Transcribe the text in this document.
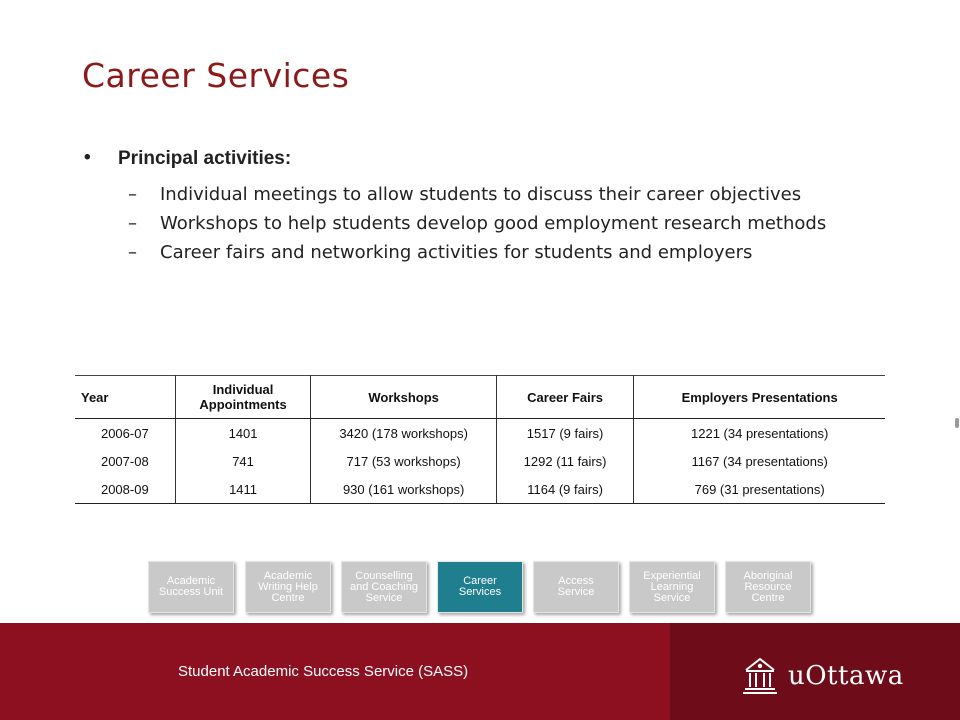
Career Services
• Principal activities:
– Individual meetings to allow students to discuss their career objectives
– Workshops to help students develop good employment research methods
– Career fairs and networking activities for students and employers
Year	Individual Appointments	Workshops	Career Fairs	Employers Presentations
2006-07	1401	3420 (178 workshops)	1517 (9 fairs)	1221 (34 presentations)
2007-08	741	717 (53 workshops)	1292 (11 fairs)	1167 (34 presentations)
2008-09	1411	930 (161 workshops)	1164 (9 fairs)	769 (31 presentations)
Academic Success Unit
Academic Writing Help Centre
Counselling and Coaching Service
Career Services
Access Service
Experiential Learning Service
Aboriginal Resource Centre
Student Academic Success Service (SASS)	uOttawa
